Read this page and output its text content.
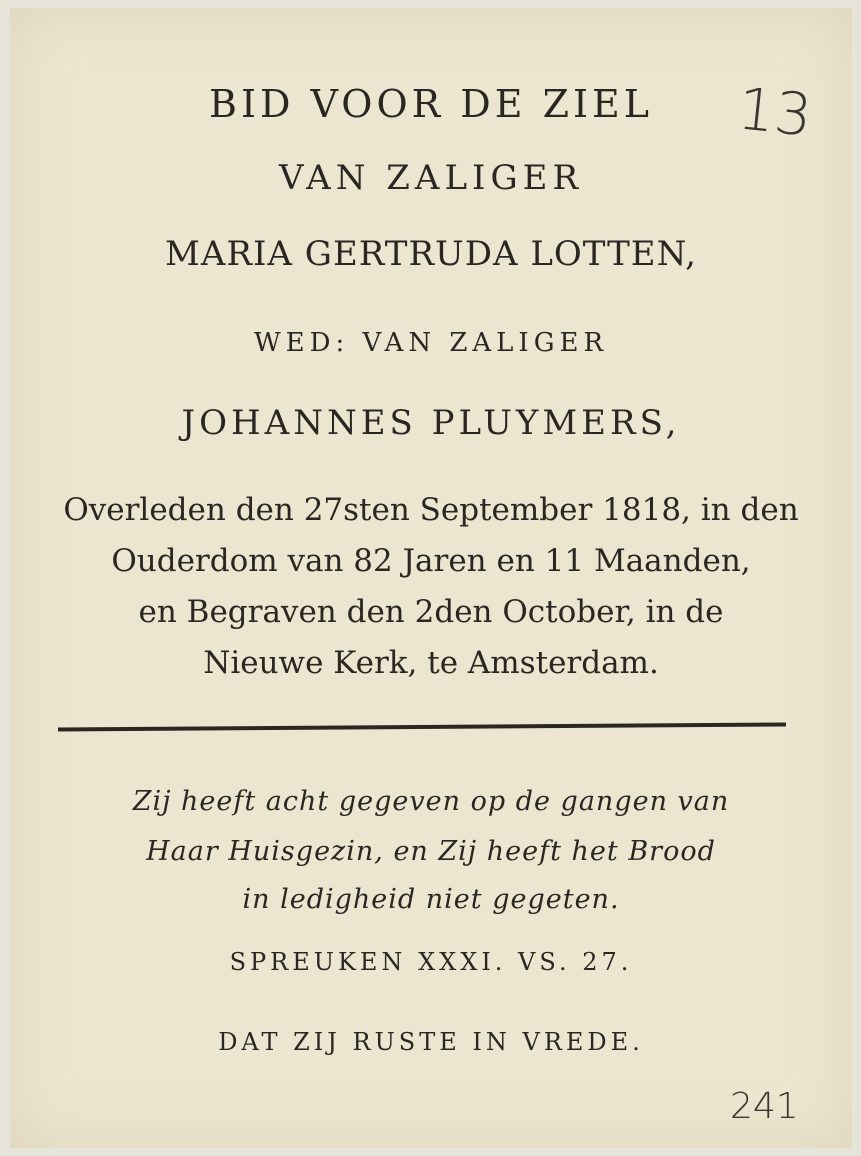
BID VOOR DE ZIEL

VAN ZALIGER

MARIA GERTRUDA LOTTEN,

WED: VAN ZALIGER

JOHANNES PLUYMERS,

Overleden den 27sten September 1818, in den

Ouderdom van 82 Jaren en 11 Maanden,

en Begraven den 2den October, in de

Nieuwe Kerk, te Amsterdam.

Zij heeft acht gegeven op de gangen van

Haar Huisgezin, en Zij heeft het Brood

in ledigheid niet gegeten.

SPREUKEN XXXI. VS. 27.

DAT ZIJ RUSTE IN VREDE.

13
241
